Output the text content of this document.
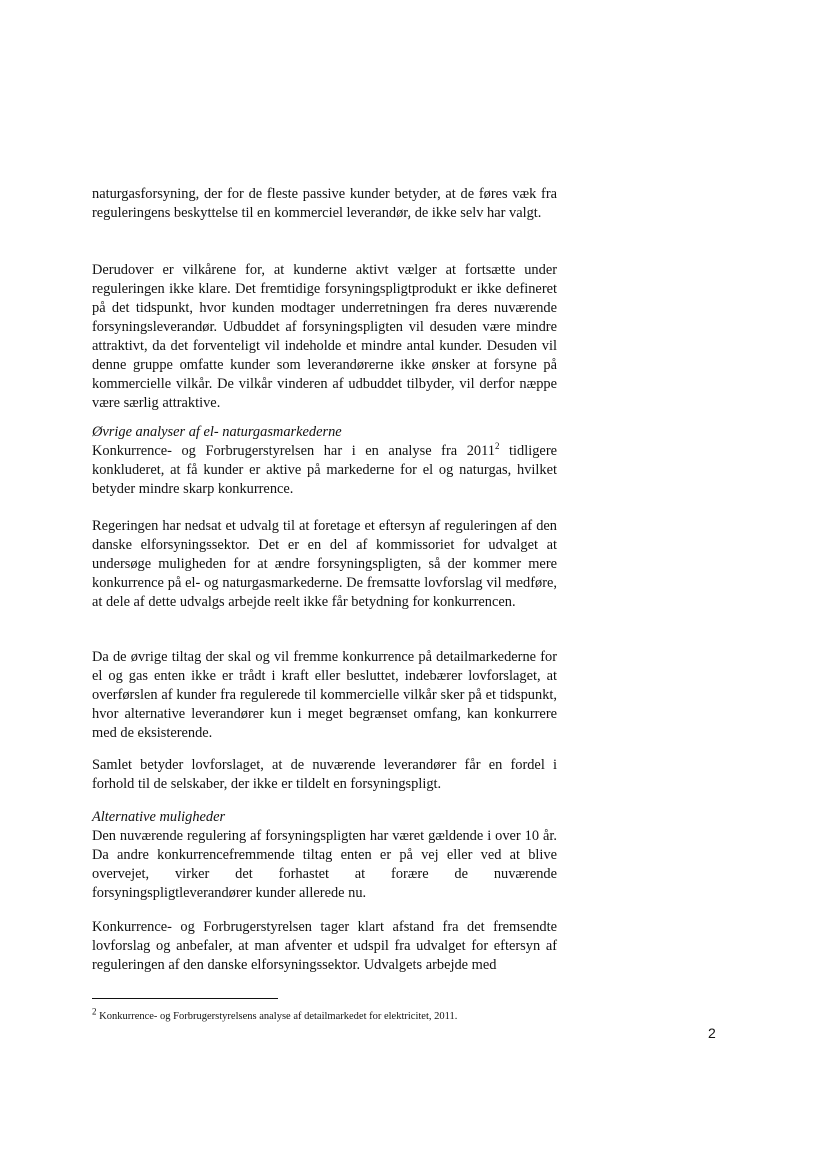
naturgasforsyning, der for de fleste passive kunder betyder, at de føres væk fra reguleringens beskyttelse til en kommerciel leverandør, de ikke selv har valgt.

Derudover er vilkårene for, at kunderne aktivt vælger at fortsætte under reguleringen ikke klare. Det fremtidige forsyningspligtprodukt er ikke defineret på det tidspunkt, hvor kunden modtager underretningen fra deres nuværende forsyningsleverandør. Udbuddet af forsyningspligten vil desuden være mindre attraktivt, da det forventeligt vil indeholde et mindre antal kunder. Desuden vil denne gruppe omfatte kunder som leverandørerne ikke ønsker at forsyne på kommercielle vilkår. De vilkår vinderen af udbuddet tilbyder, vil derfor næppe være særlig attraktive.

Øvrige analyser af el- naturgasmarkederne

Konkurrence- og Forbrugerstyrelsen har i en analyse fra 2011$^2$ tidligere konkluderet, at få kunder er aktive på markederne for el og naturgas, hvilket betyder mindre skarp konkurrence.

Regeringen har nedsat et udvalg til at foretage et eftersyn af reguleringen af den danske elforsyningssektor. Det er en del af kommissoriet for udvalget at undersøge muligheden for at ændre forsyningspligten, så der kommer mere konkurrence på el- og naturgasmarkederne. De fremsatte lovforslag vil medføre, at dele af dette udvalgs arbejde reelt ikke får betydning for konkurrencen.

Da de øvrige tiltag der skal og vil fremme konkurrence på detailmarkederne for el og gas enten ikke er trådt i kraft eller besluttet, indebærer lovforslaget, at overførslen af kunder fra regulerede til kommercielle vilkår sker på et tidspunkt, hvor alternative leverandører kun i meget begrænset omfang, kan konkurrere med de eksisterende.

Samlet betyder lovforslaget, at de nuværende leverandører får en fordel i forhold til de selskaber, der ikke er tildelt en forsyningspligt.

Alternative muligheder

Den nuværende regulering af forsyningspligten har været gældende i over 10 år. Da andre konkurrencefremmende tiltag enten er på vej eller ved at blive overvejet, virker det forhastet at forære de nuværende forsyningspligtleverandører kunder allerede nu.

Konkurrence- og Forbrugerstyrelsen tager klart afstand fra det fremsendte lovforslag og anbefaler, at man afventer et udspil fra udvalget for eftersyn af reguleringen af den danske elforsyningssektor. Udvalgets arbejde med

$^2$ Konkurrence- og Forbrugerstyrelsens analyse af detailmarkedet for elektricitet, 2011.

2
